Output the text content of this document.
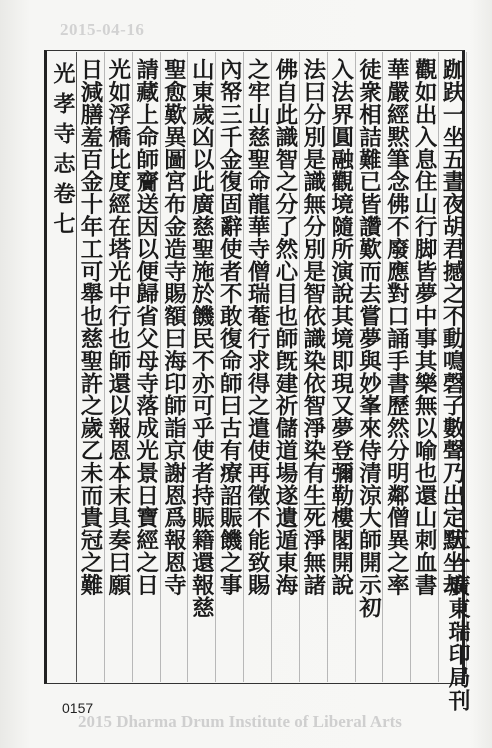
2015-04-16
光孝寺志卷七	跏趺一坐五晝夜胡君撼之不動鳴磬子數聲乃出定默坐却
觀如出入息住山行脚皆夢中事其樂無以喻也還山刺血書
華嚴經黙筆念佛不廢應對口誦手書歷然分明鄰僧異之率
徒衆相詰難已皆讚歎而去嘗夢與妙峯來侍清涼大師開示初
入法界圓融觀境隨所演說其境即現又夢登彌勒樓閣開說
法曰分別是識無分別是智依識染依智淨染有生死淨無諸
佛自此識智之分了然心目也師旣建祈儲道場遂遺遁東海
之牢山慈聖命龍華寺僧瑞菴行求得之遣使再徵不能致賜
內帑三千金復固辭使者不敢復命師曰古有療詔賑饑之事
山東歲凶以此廣慈聖施於饑民不亦可乎使者持賑籍還報慈
聖愈歎異圖宮布金造寺賜額曰海印師詣京謝恩爲報恩寺
請藏上命師齎送因以便歸省父母寺落成光景日寶經之日
光如浮橋比度經在塔光中行也師還以報恩本末具奏曰願
日減膳羞百金十年工可舉也慈聖許之歲乙未而貴冠之難
五一廣東瑞印局刊
0157
2015 Dharma Drum Institute of Liberal Arts
